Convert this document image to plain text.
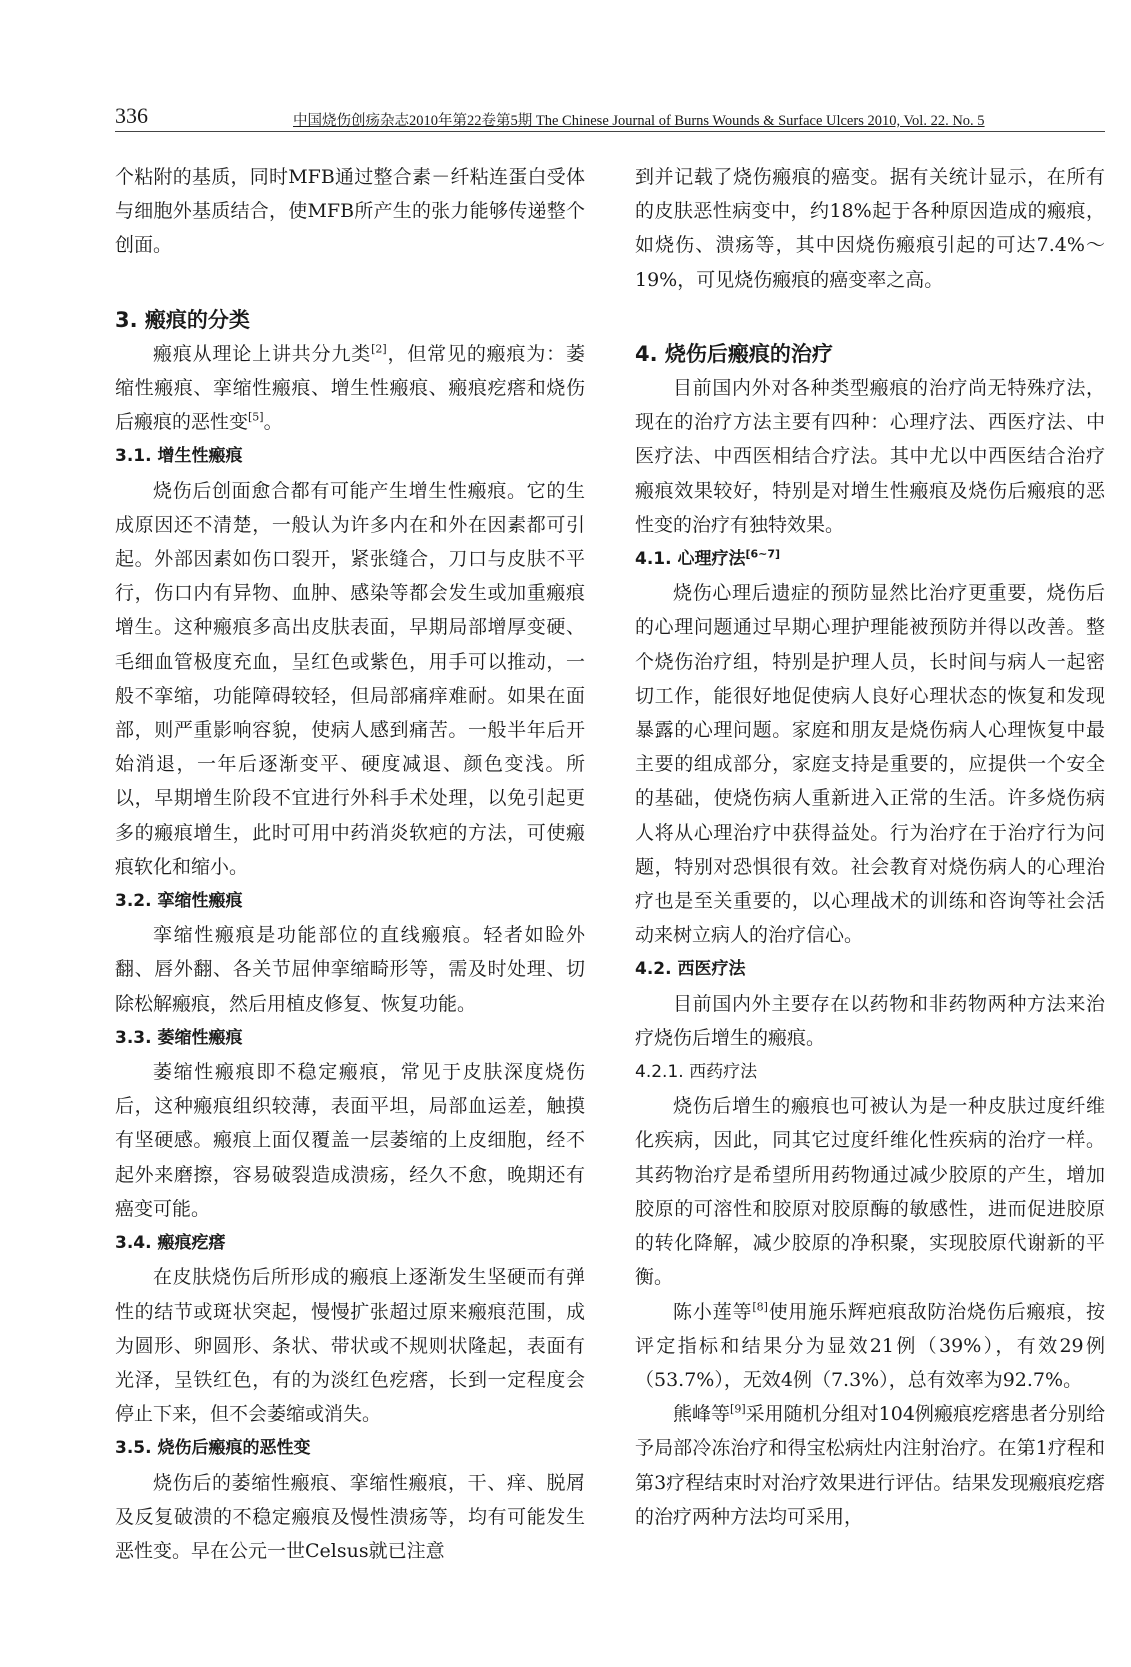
336	中国烧伤创疡杂志2010年第22卷第5期 The Chinese Journal of Burns Wounds & Surface Ulcers 2010, Vol. 22. No. 5

个粘附的基质，同时MFB通过整合素－纤粘连蛋白受体与细胞外基质结合，使MFB所产生的张力能够传递整个创面。

3. 瘢痕的分类

瘢痕从理论上讲共分九类[2]，但常见的瘢痕为：萎缩性瘢痕、挛缩性瘢痕、增生性瘢痕、瘢痕疙瘩和烧伤后瘢痕的恶性变[5]。

3.1. 增生性瘢痕

烧伤后创面愈合都有可能产生增生性瘢痕。它的生成原因还不清楚，一般认为许多内在和外在因素都可引起。外部因素如伤口裂开，紧张缝合，刀口与皮肤不平行，伤口内有异物、血肿、感染等都会发生或加重瘢痕增生。这种瘢痕多高出皮肤表面，早期局部增厚变硬、毛细血管极度充血，呈红色或紫色，用手可以推动，一般不挛缩，功能障碍较轻，但局部痛痒难耐。如果在面部，则严重影响容貌，使病人感到痛苦。一般半年后开始消退，一年后逐渐变平、硬度减退、颜色变浅。所以，早期增生阶段不宜进行外科手术处理，以免引起更多的瘢痕增生，此时可用中药消炎软疤的方法，可使瘢痕软化和缩小。

3.2. 挛缩性瘢痕

挛缩性瘢痕是功能部位的直线瘢痕。轻者如睑外翻、唇外翻、各关节屈伸挛缩畸形等，需及时处理、切除松解瘢痕，然后用植皮修复、恢复功能。

3.3. 萎缩性瘢痕

萎缩性瘢痕即不稳定瘢痕，常见于皮肤深度烧伤后，这种瘢痕组织较薄，表面平坦，局部血运差，触摸有坚硬感。瘢痕上面仅覆盖一层萎缩的上皮细胞，经不起外来磨擦，容易破裂造成溃疡，经久不愈，晚期还有癌变可能。

3.4. 瘢痕疙瘩

在皮肤烧伤后所形成的瘢痕上逐渐发生坚硬而有弹性的结节或斑状突起，慢慢扩张超过原来瘢痕范围，成为圆形、卵圆形、条状、带状或不规则状隆起，表面有光泽，呈铁红色，有的为淡红色疙瘩，长到一定程度会停止下来，但不会萎缩或消失。

3.5. 烧伤后瘢痕的恶性变

烧伤后的萎缩性瘢痕、挛缩性瘢痕，干、痒、脱屑及反复破溃的不稳定瘢痕及慢性溃疡等，均有可能发生恶性变。早在公元一世Celsus就已注意

到并记载了烧伤瘢痕的癌变。据有关统计显示，在所有的皮肤恶性病变中，约18%起于各种原因造成的瘢痕，如烧伤、溃疡等，其中因烧伤瘢痕引起的可达7.4%～19%，可见烧伤瘢痕的癌变率之高。

4. 烧伤后瘢痕的治疗

目前国内外对各种类型瘢痕的治疗尚无特殊疗法，现在的治疗方法主要有四种：心理疗法、西医疗法、中医疗法、中西医相结合疗法。其中尤以中西医结合治疗瘢痕效果较好，特别是对增生性瘢痕及烧伤后瘢痕的恶性变的治疗有独特效果。

4.1. 心理疗法[6~7]

烧伤心理后遗症的预防显然比治疗更重要，烧伤后的心理问题通过早期心理护理能被预防并得以改善。整个烧伤治疗组，特别是护理人员，长时间与病人一起密切工作，能很好地促使病人良好心理状态的恢复和发现暴露的心理问题。家庭和朋友是烧伤病人心理恢复中最主要的组成部分，家庭支持是重要的，应提供一个安全的基础，使烧伤病人重新进入正常的生活。许多烧伤病人将从心理治疗中获得益处。行为治疗在于治疗行为问题，特别对恐惧很有效。社会教育对烧伤病人的心理治疗也是至关重要的，以心理战术的训练和咨询等社会活动来树立病人的治疗信心。

4.2. 西医疗法

目前国内外主要存在以药物和非药物两种方法来治疗烧伤后增生的瘢痕。

4.2.1. 西药疗法

烧伤后增生的瘢痕也可被认为是一种皮肤过度纤维化疾病，因此，同其它过度纤维化性疾病的治疗一样。其药物治疗是希望所用药物通过减少胶原的产生，增加胶原的可溶性和胶原对胶原酶的敏感性，进而促进胶原的转化降解，减少胶原的净积聚，实现胶原代谢新的平衡。

陈小莲等[8]使用施乐辉疤痕敌防治烧伤后瘢痕，按评定指标和结果分为显效21例（39%），有效29例（53.7%），无效4例（7.3%），总有效率为92.7%。

熊峰等[9]采用随机分组对104例瘢痕疙瘩患者分别给予局部冷冻治疗和得宝松病灶内注射治疗。在第1疗程和第3疗程结束时对治疗效果进行评估。结果发现瘢痕疙瘩的治疗两种方法均可采用，
